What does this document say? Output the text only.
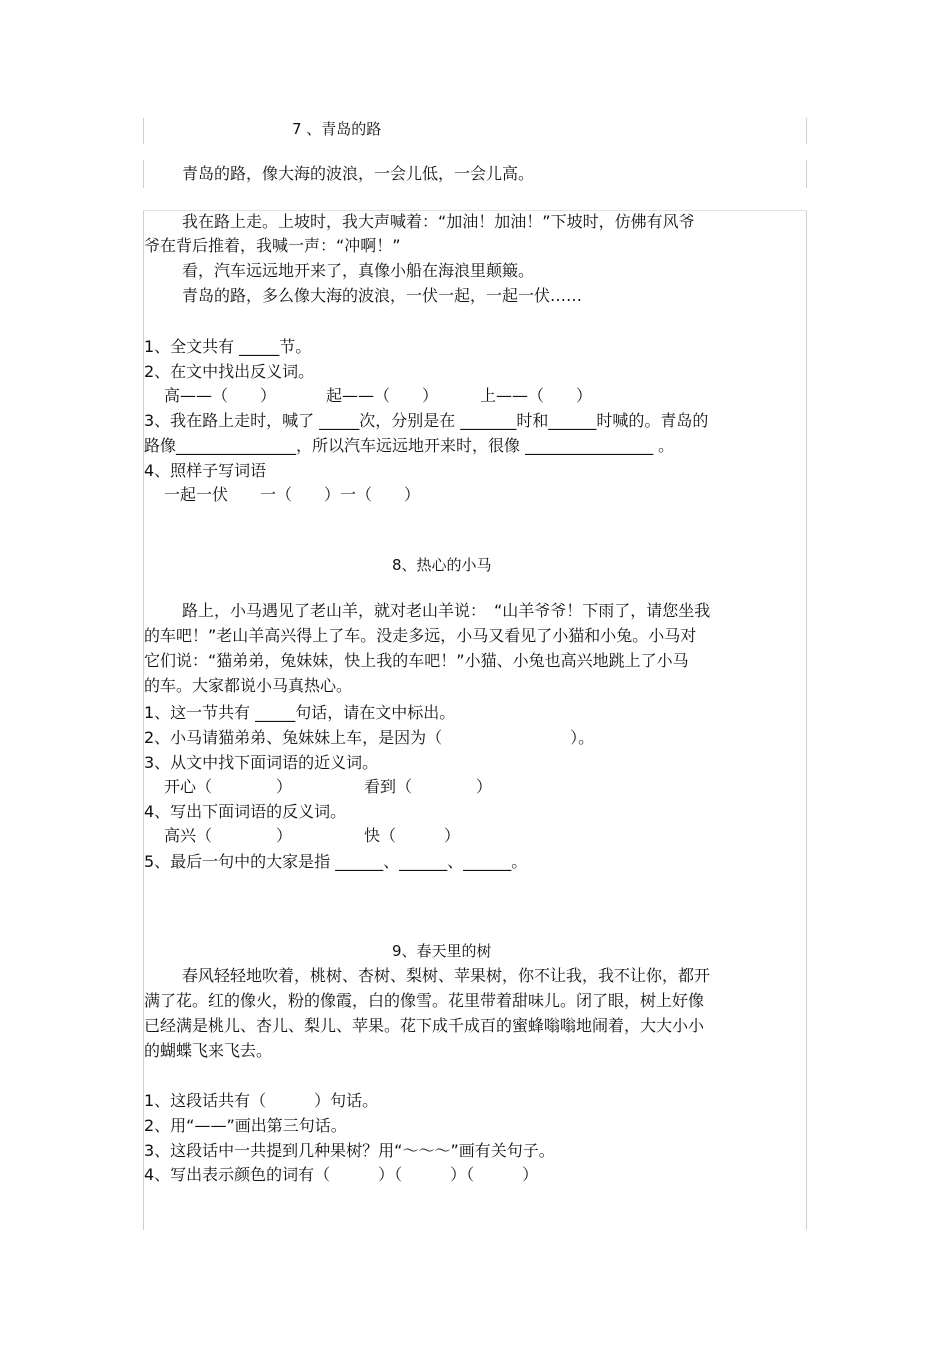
7 、青岛的路
青岛的路，像大海的波浪，一会儿低，一会儿高。
我在路上走。上坡时，我大声喊着：“加油！加油！”下坡时，仿佛有风爷
爷在背后推着，我喊一声：“冲啊！”
看，汽车远远地开来了，真像小船在海浪里颠簸。
青岛的路，多么像大海的波浪，一伏一起，一起一伏……
1、全文共有 _____节。
2、在文中找出反义词。
高——（　　）	起——（　　）	上——（　　）
3、我在路上走时，喊了 _____次，分别是在 _______时和______时喊的。青岛的
路像_______________，所以汽车远远地开来时，很像 ________________ 。
4、照样子写词语
一起一伏　　一（　　）一（　　）
8、热心的小马
路上，小马遇见了老山羊，就对老山羊说：　“山羊爷爷！下雨了，请您坐我
的车吧！”老山羊高兴得上了车。没走多远，小马又看见了小猫和小兔。小马对
它们说：“猫弟弟，兔妹妹，快上我的车吧！”小猫、小兔也高兴地跳上了小马
的车。大家都说小马真热心。
1、这一节共有 _____句话，请在文中标出。
2、小马请猫弟弟、兔妹妹上车，是因为（　　　　　　　　）。
3、从文中找下面词语的近义词。
开心（　　　　）	看到（　　　　）
4、写出下面词语的反义词。
高兴（　　　　）	快（　　　）
5、最后一句中的大家是指 ______、______、______。
9、春天里的树
春风轻轻地吹着，桃树、杏树、梨树、苹果树，你不让我，我不让你，都开
满了花。红的像火，粉的像霞，白的像雪。花里带着甜味儿。闭了眼，树上好像
已经满是桃儿、杏儿、梨儿、苹果。花下成千成百的蜜蜂嗡嗡地闹着，大大小小
的蝴蝶飞来飞去。
1、这段话共有（　　　）句话。
2、用“——”画出第三句话。
3、这段话中一共提到几种果树？用“～～～”画有关句子。
4、写出表示颜色的词有（　　　）（　　　）（　　　）
